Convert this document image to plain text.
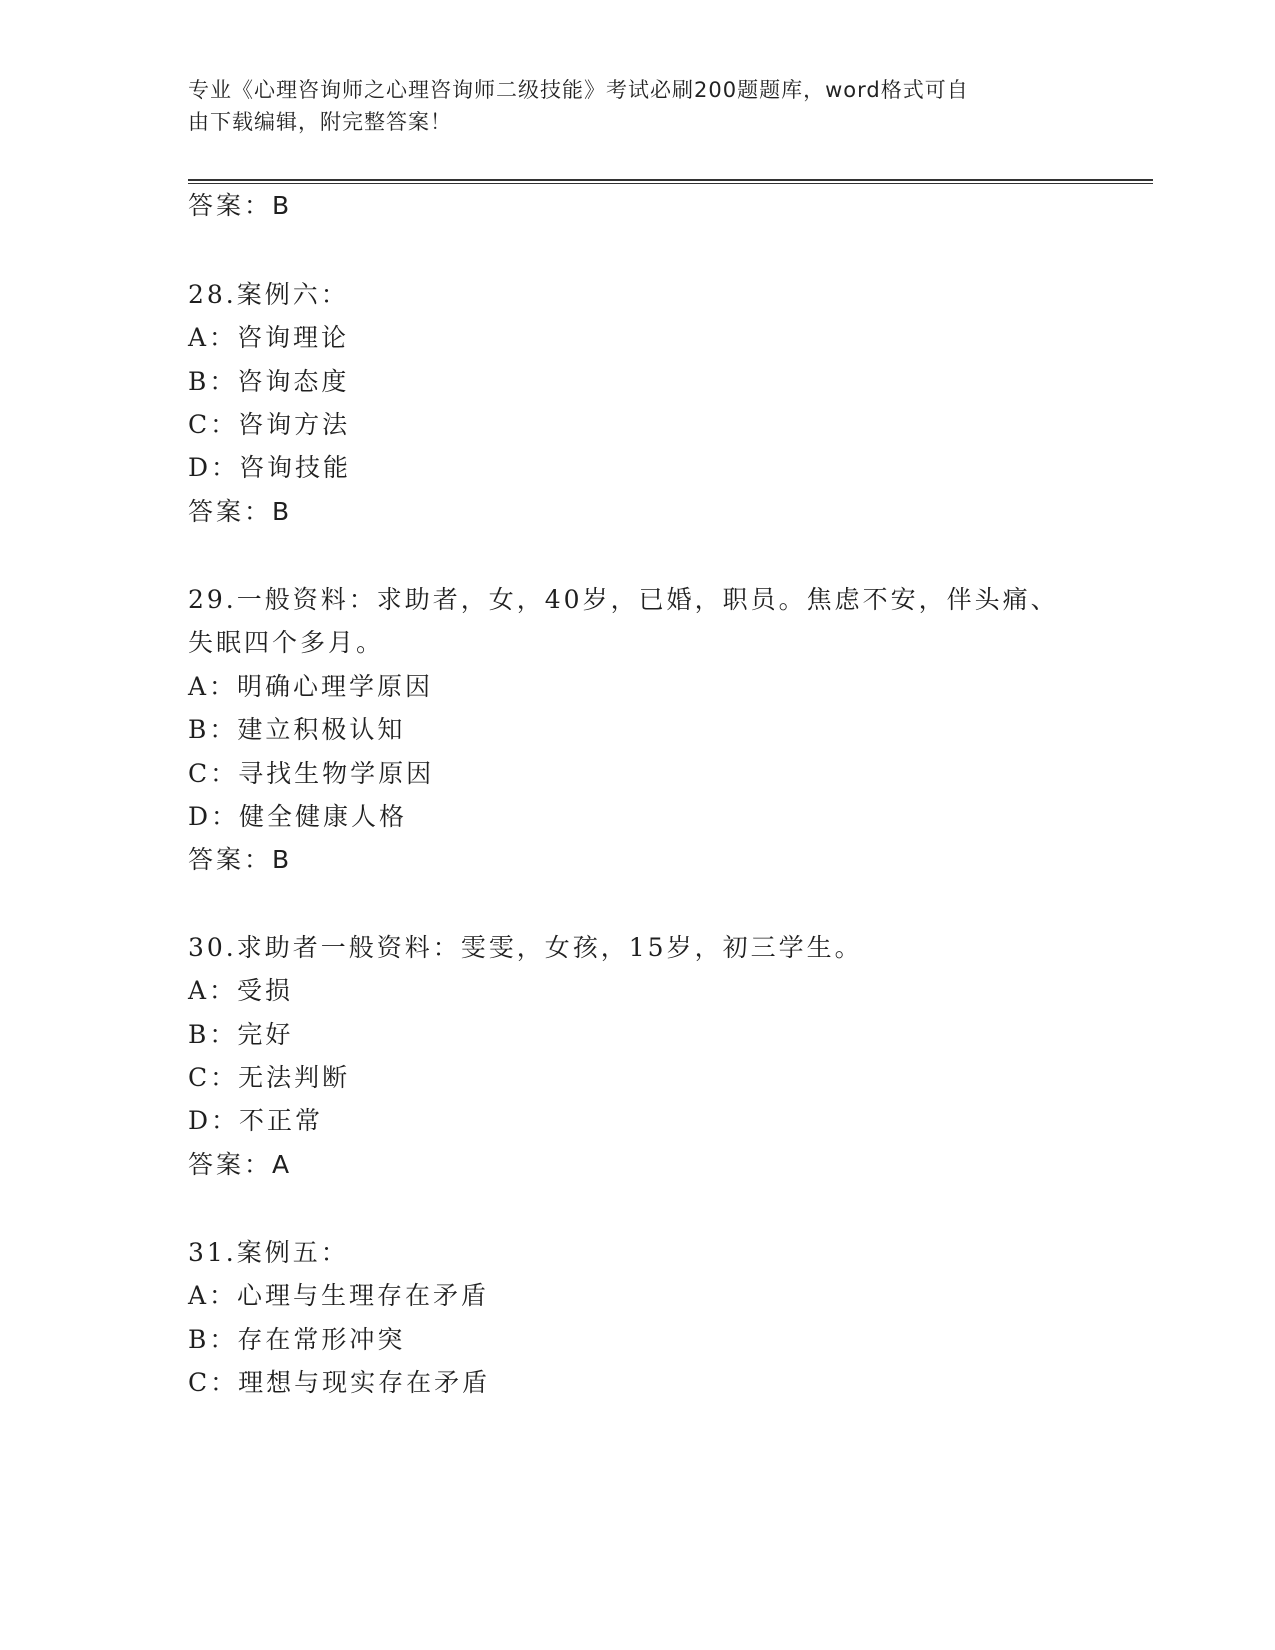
专业《心理咨询师之心理咨询师二级技能》考试必刷200题题库，word格式可自
由下载编辑，附完整答案！
答案：B
28.案例六：
A：咨询理论
B：咨询态度
C：咨询方法
D：咨询技能
答案：B
29.一般资料：求助者，女，40岁，已婚，职员。焦虑不安，伴头痛、
失眠四个多月。
A：明确心理学原因
B：建立积极认知
C：寻找生物学原因
D：健全健康人格
答案：B
30.求助者一般资料：雯雯，女孩，15岁，初三学生。
A：受损
B：完好
C：无法判断
D：不正常
答案：A
31.案例五：
A：心理与生理存在矛盾
B：存在常形冲突
C：理想与现实存在矛盾
